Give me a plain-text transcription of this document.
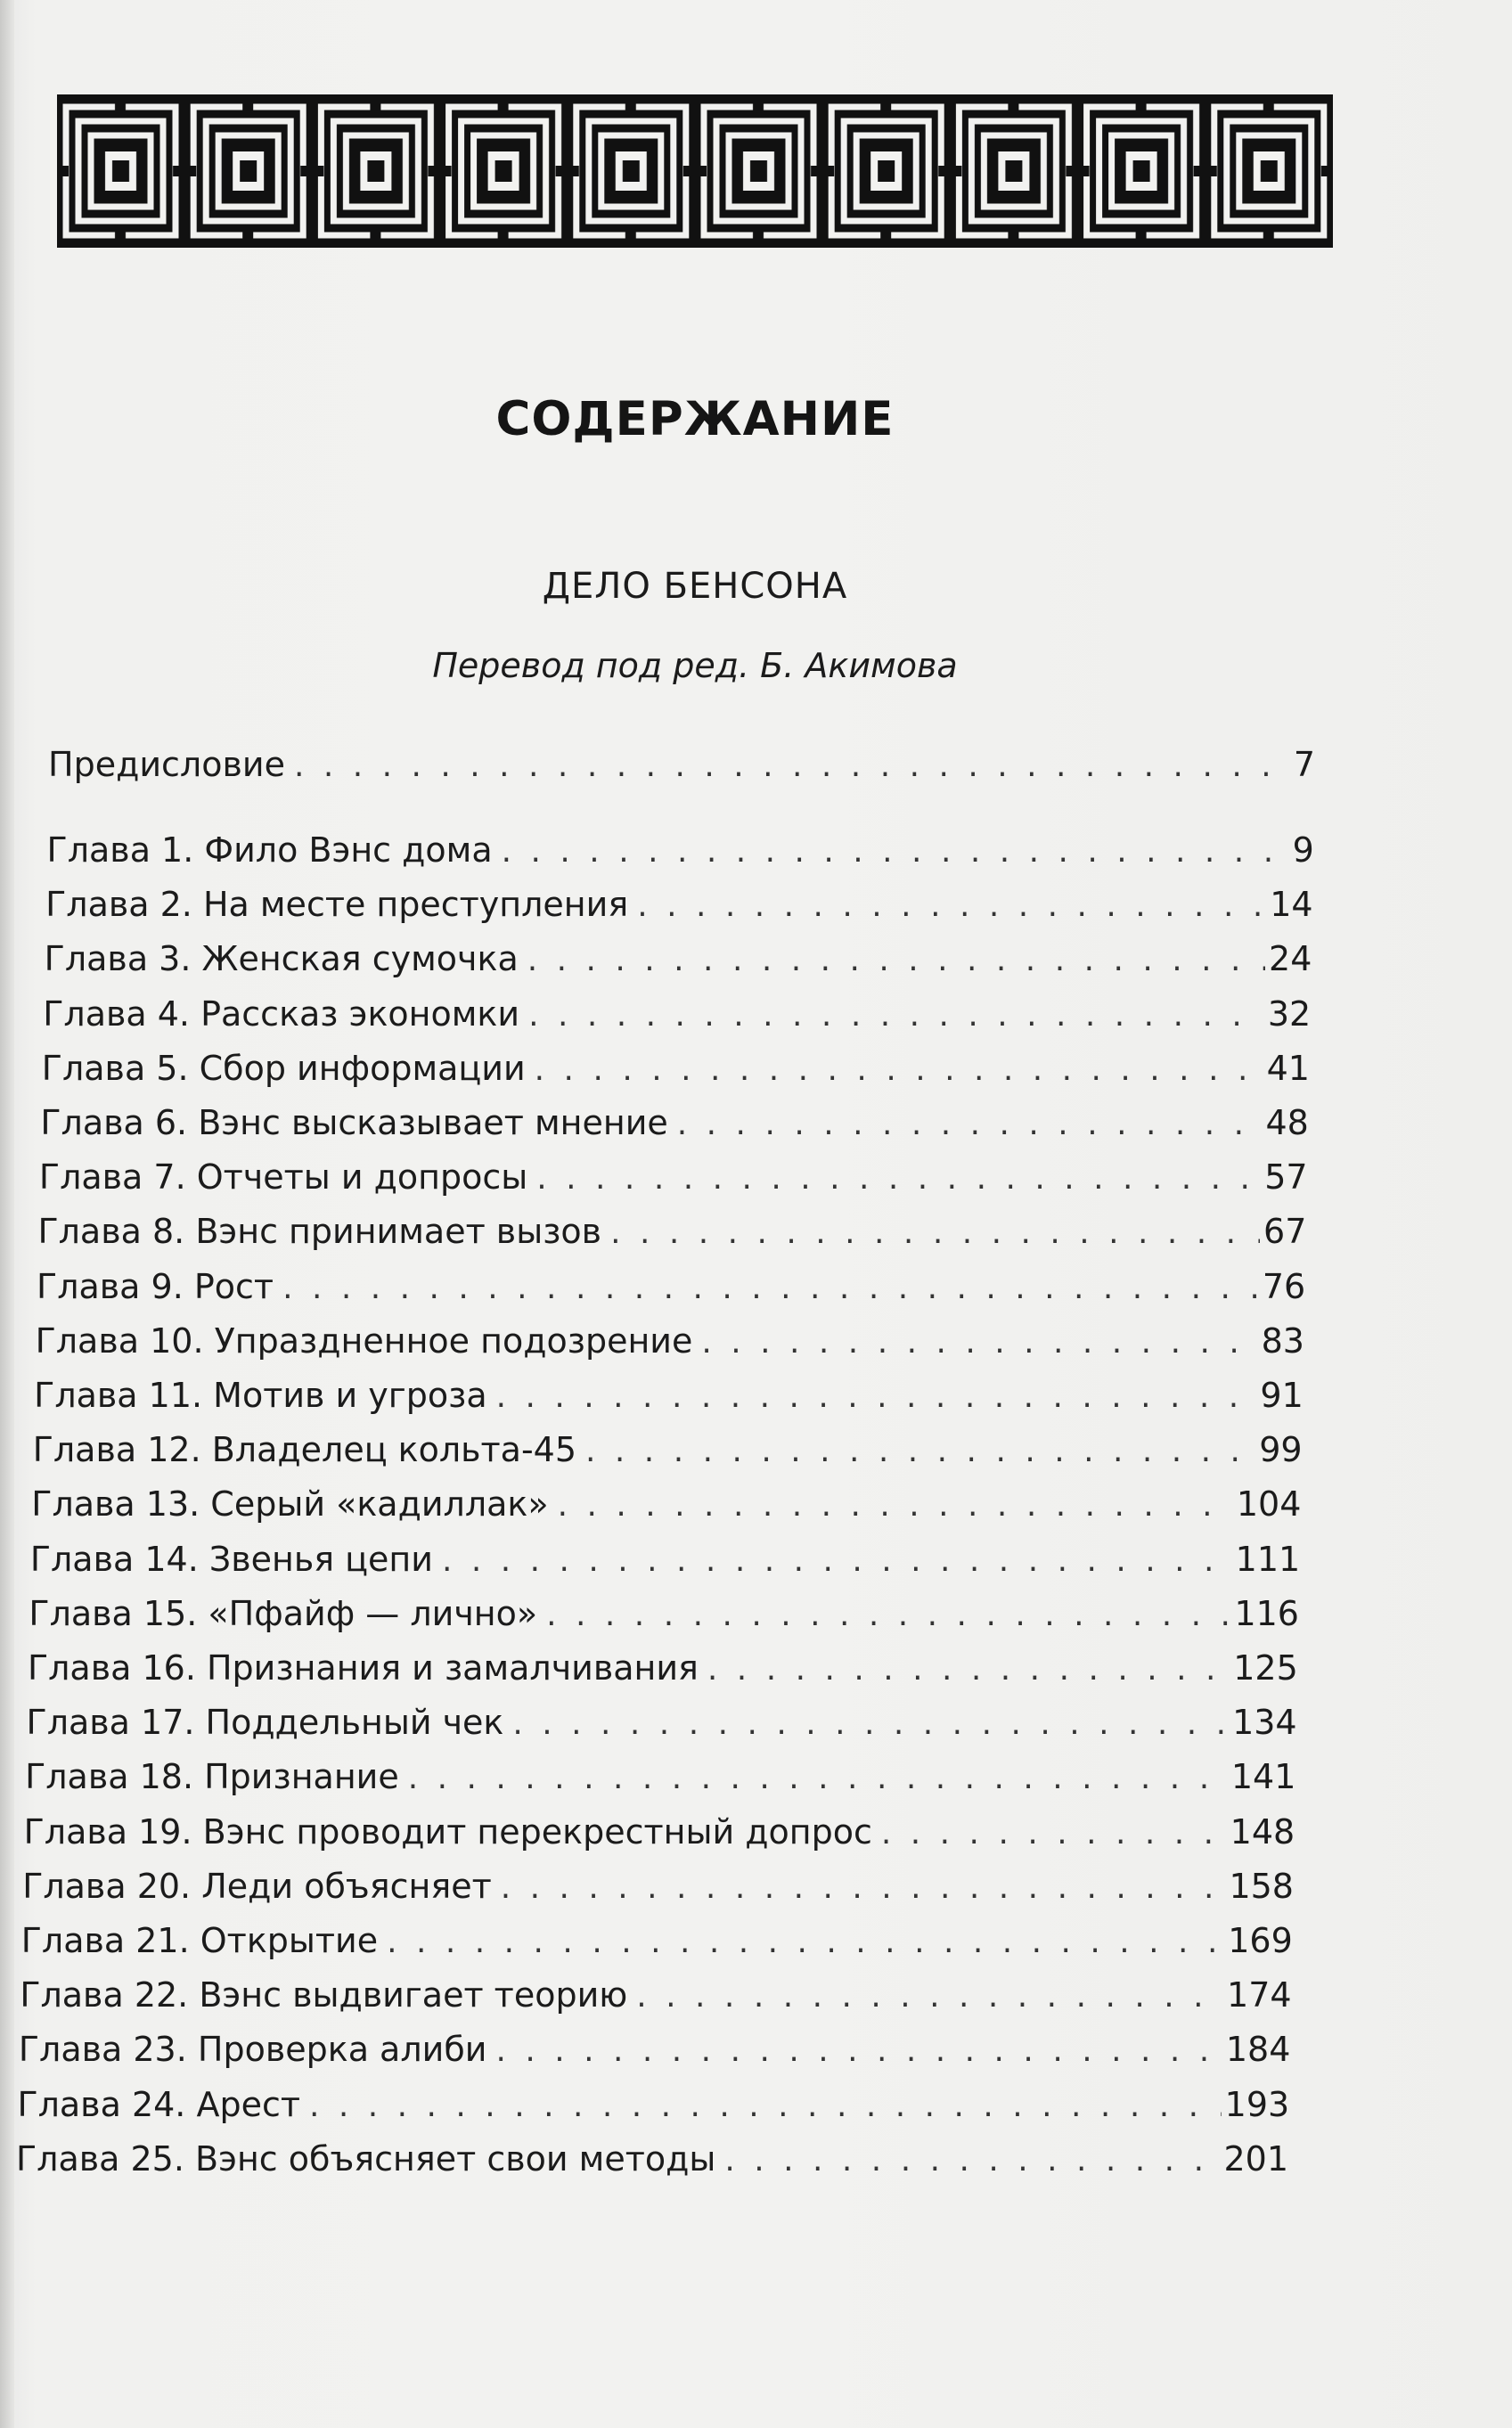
СОДЕРЖАНИЕ
ДЕЛО БЕНСОНА
Перевод под ред. Б. Акимова
Предисловие . . .	7
Глава 1. Фило Вэнс дома . . .	9
Глава 2. На месте преступления . . .	14
Глава 3. Женская сумочка . . .	24
Глава 4. Рассказ экономки . . .	32
Глава 5. Сбор информации . . .	41
Глава 6. Вэнс высказывает мнение . . .	48
Глава 7. Отчеты и допросы . . .	57
Глава 8. Вэнс принимает вызов . . .	67
Глава 9. Рост . . .	76
Глава 10. Упраздненное подозрение . . .	83
Глава 11. Мотив и угроза . . .	91
Глава 12. Владелец кольта-45 . . .	99
Глава 13. Серый «кадиллак» . . .	104
Глава 14. Звенья цепи . . .	111
Глава 15. «Пфайф — лично» . . .	116
Глава 16. Признания и замалчивания . . .	125
Глава 17. Поддельный чек . . .	134
Глава 18. Признание . . .	141
Глава 19. Вэнс проводит перекрестный допрос . . .	148
Глава 20. Леди объясняет . . .	158
Глава 21. Открытие . . .	169
Глава 22. Вэнс выдвигает теорию . . .	174
Глава 23. Проверка алиби . . .	184
Глава 24. Арест . . .	193
Глава 25. Вэнс объясняет свои методы . . .	201
